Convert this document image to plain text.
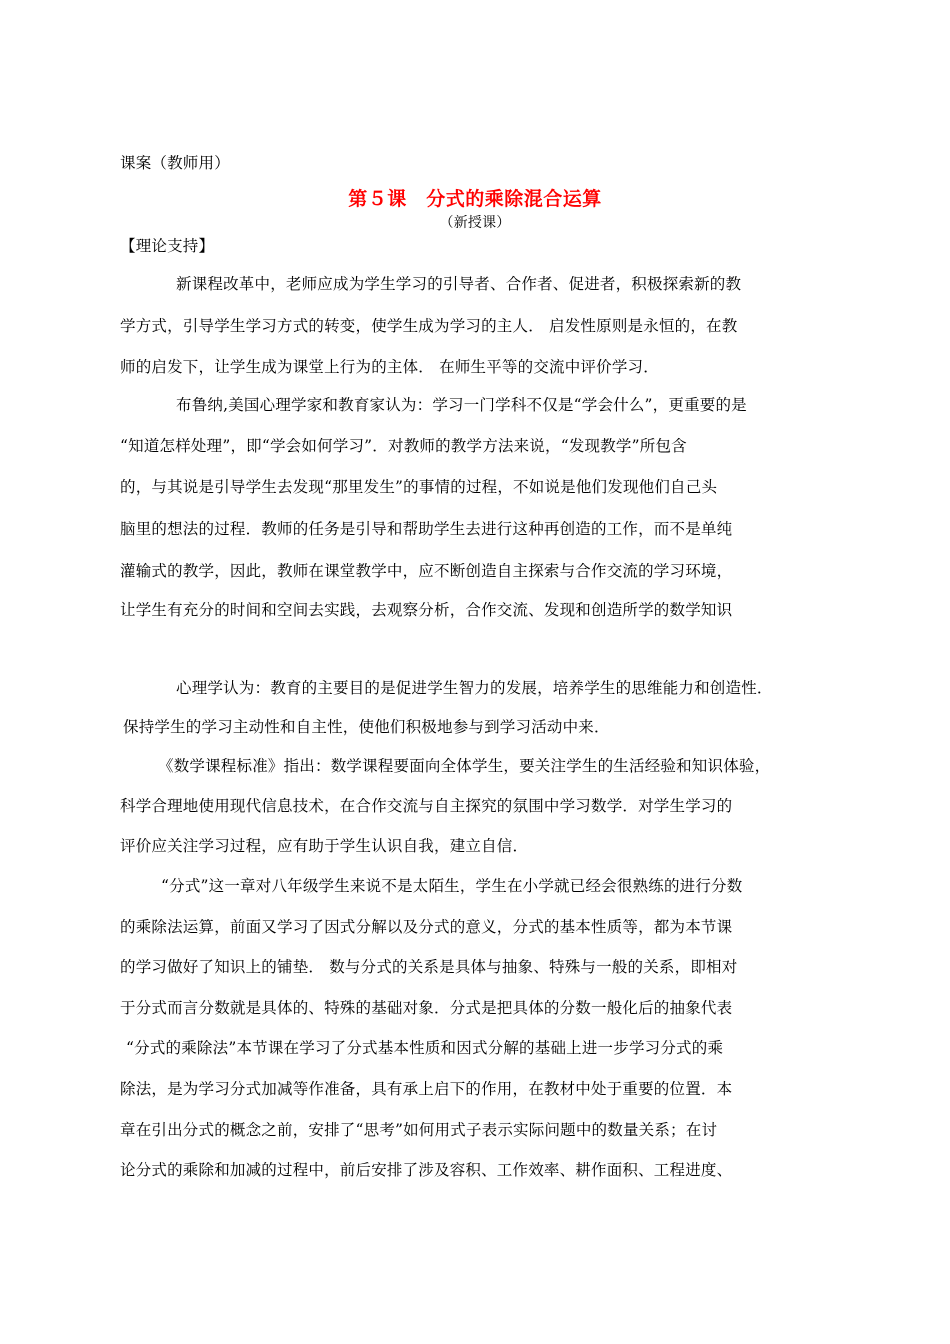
课案（教师用）
第５课　分式的乘除混合运算
（新授课）
【理论支持】
新课程改革中，老师应成为学生学习的引导者、合作者、促进者，积极探索新的教
学方式，引导学生学习方式的转变，使学生成为学习的主人． 启发性原则是永恒的，在教
师的启发下，让学生成为课堂上行为的主体． 在师生平等的交流中评价学习．
布鲁纳,美国心理学家和教育家认为：学习一门学科不仅是“学会什么”，更重要的是
“知道怎样处理”，即“学会如何学习”．对教师的教学方法来说，“发现教学”所包含
的，与其说是引导学生去发现“那里发生”的事情的过程，不如说是他们发现他们自己头
脑里的想法的过程．教师的任务是引导和帮助学生去进行这种再创造的工作，而不是单纯
灌输式的教学，因此，教师在课堂教学中，应不断创造自主探索与合作交流的学习环境，
让学生有充分的时间和空间去实践，去观察分析，合作交流、发现和创造所学的数学知识
心理学认为：教育的主要目的是促进学生智力的发展，培养学生的思维能力和创造性．
保持学生的学习主动性和自主性，使他们积极地参与到学习活动中来．
《数学课程标准》指出：数学课程要面向全体学生，要关注学生的生活经验和知识体验，
科学合理地使用现代信息技术，在合作交流与自主探究的氛围中学习数学．对学生学习的
评价应关注学习过程，应有助于学生认识自我，建立自信．
“分式”这一章对八年级学生来说不是太陌生，学生在小学就已经会很熟练的进行分数
的乘除法运算，前面又学习了因式分解以及分式的意义，分式的基本性质等，都为本节课
的学习做好了知识上的铺垫． 数与分式的关系是具体与抽象、特殊与一般的关系，即相对
于分式而言分数就是具体的、特殊的基础对象．分式是把具体的分数一般化后的抽象代表
“分式的乘除法”本节课在学习了分式基本性质和因式分解的基础上进一步学习分式的乘
除法，是为学习分式加减等作准备，具有承上启下的作用，在教材中处于重要的位置．本
章在引出分式的概念之前，安排了“思考”如何用式子表示实际问题中的数量关系；在讨
论分式的乘除和加减的过程中，前后安排了涉及容积、工作效率、耕作面积、工程进度、
